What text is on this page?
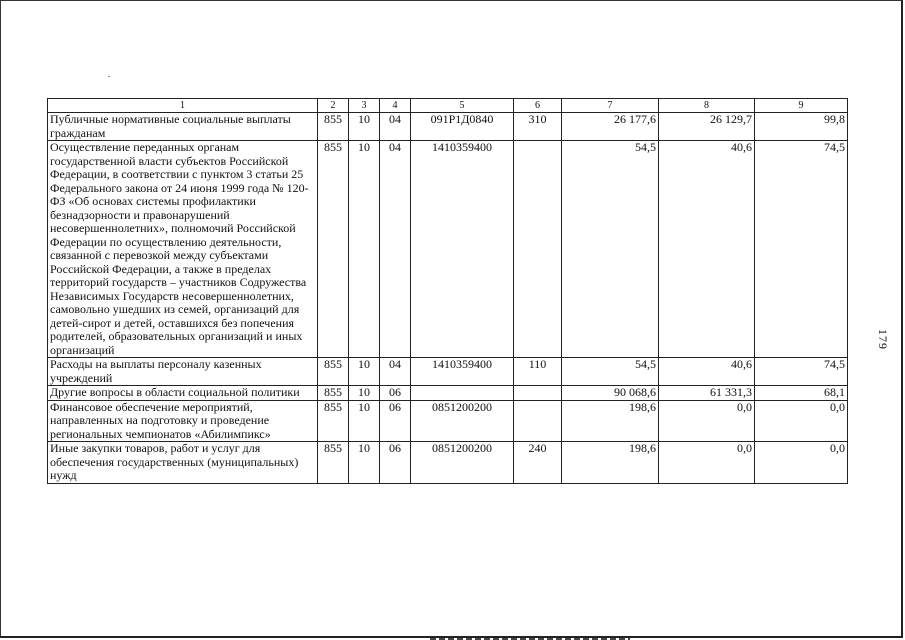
1	2	3	4	5	6	7	8	9
Публичные нормативные социальные выплаты гражданам	855	10	04	091Р1Д0840	310	26 177,6	26 129,7	99,8
Осуществление переданных органам государственной власти субъектов Российской Федерации, в соответствии с пунктом 3 статьи 25 Федерального закона от 24 июня 1999 года № 120-ФЗ «Об основах системы профилактики безнадзорности и правонарушений несовершеннолетних», полномочий Российской Федерации по осуществлению деятельности, связанной с перевозкой между субъектами Российской Федерации, а также в пределах территорий государств – участников Содружества Независимых Государств несовершеннолетних, самовольно ушедших из семей, организаций для детей-сирот и детей, оставшихся без попечения родителей, образовательных организаций и иных организаций	855	10	04	1410359400		54,5	40,6	74,5
Расходы на выплаты персоналу казенных учреждений	855	10	04	1410359400	110	54,5	40,6	74,5
Другие вопросы в области социальной политики	855	10	06			90 068,6	61 331,3	68,1
Финансовое обеспечение мероприятий, направленных на подготовку и проведение региональных чемпионатов «Абилимпикс»	855	10	06	0851200200		198,6	0,0	0,0
Иные закупки товаров, работ и услуг для обеспечения государственных (муниципальных) нужд	855	10	06	0851200200	240	198,6	0,0	0,0
179
